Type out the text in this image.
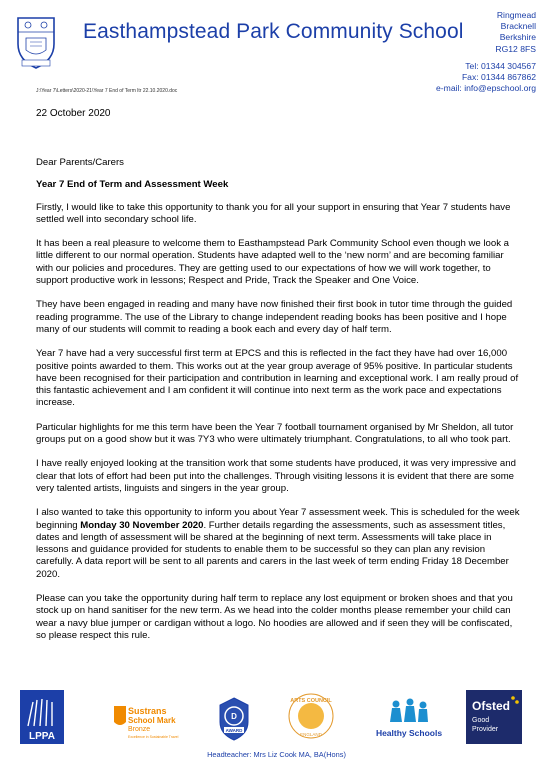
Easthampstead Park Community School
Ringmead
Bracknell
Berkshire
RG12 8FS
Tel: 01344 304567
Fax: 01344 867862
e-mail: info@epschool.org
J:\Year 7\Letters\2020-21\Year 7 End of Term ltr 22.10.2020.doc
22 October 2020

Dear Parents/Carers

Year 7 End of Term and Assessment Week

Firstly, I would like to take this opportunity to thank you for all your support in ensuring that Year 7 students have settled well into secondary school life.

It has been a real pleasure to welcome them to Easthampstead Park Community School even though we look a little different to our normal operation. Students have adapted well to the ‘new norm’ and are becoming familiar with our policies and procedures. They are getting used to our expectations of how we will work together, to support productive work in lessons; Respect and Pride, Track the Speaker and One Voice.

They have been engaged in reading and many have now finished their first book in tutor time through the guided reading programme. The use of the Library to change independent reading books has been positive and I hope many of our students will commit to reading a book each and every day of half term.

Year 7 have had a very successful first term at EPCS and this is reflected in the fact they have had over 16,000 positive points awarded to them. This works out at the year group average of 95% positive. In particular students have been recognised for their participation and contribution in learning and exceptional work. I am really proud of this fantastic achievement and I am confident it will continue into next term as the work pace and expectations increase.

Particular highlights for me this term have been the Year 7 football tournament organised by Mr Sheldon, all tutor groups put on a good show but it was 7Y3 who were ultimately triumphant. Congratulations, to all who took part.

I have really enjoyed looking at the transition work that some students have produced, it was very impressive and clear that lots of effort had been put into the challenges. Through visiting lessons it is evident that there are some very talented artists, linguists and singers in the year group.

I also wanted to take this opportunity to inform you about Year 7 assessment week. This is scheduled for the week beginning Monday 30 November 2020. Further details regarding the assessments, such as assessment titles, dates and length of assessment will be shared at the beginning of next term. Assessments will take place in lessons and guidance provided for students to enable them to be successful so they can plan any revision carefully. A data report will be sent to all parents and carers in the last week of term ending Friday 18 December 2020.

Please can you take the opportunity during half term to replace any lost equipment or broken shoes and that you stock up on hand sanitiser for the new term. As we head into the colder months please remember your child can wear a navy blue jumper or cardigan without a logo. No hoodies are allowed and if seen they will be confiscated, so please respect this rule.

LPPA
Sustrans
School Mark
Bronze
Excellence in Sustainable Travel
D
AWARD
ARTS COUNCIL
ENGLAND	Healthy Schools
Ofsted
Good
Provider
Headteacher: Mrs Liz Cook MA, BA(Hons)
